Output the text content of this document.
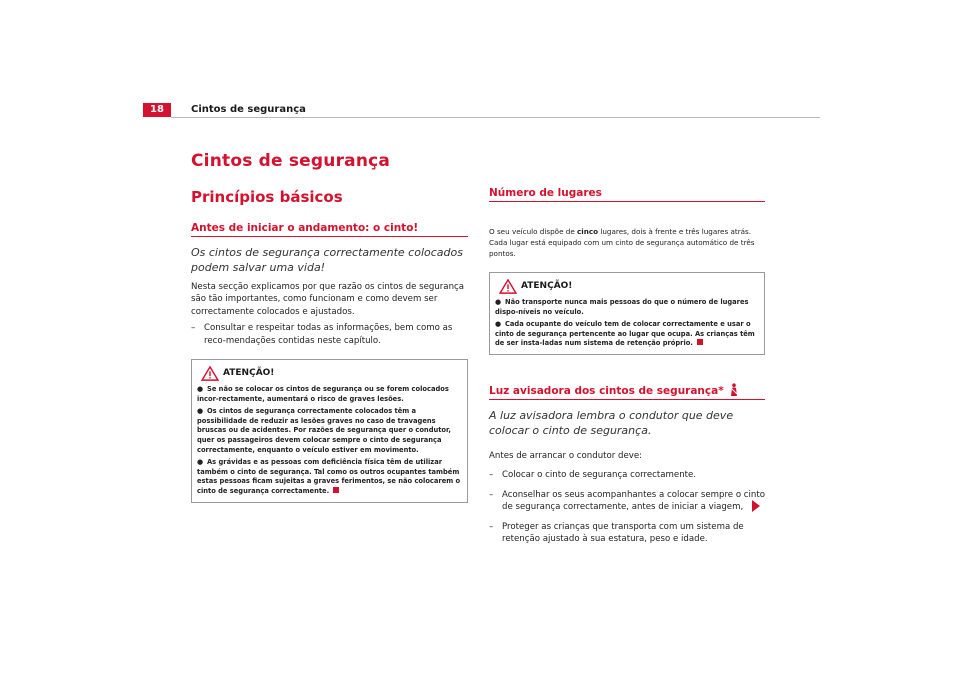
18	Cintos de segurança
Cintos de segurança
Princípios básicos
Antes de iniciar o andamento: o cinto!
Os cintos de segurança correctamente colocados podem salvar uma vida!
Nesta secção explicamos por que razão os cintos de segurança são tão importantes, como funcionam e como devem ser correctamente colocados e ajustados.
– Consultar e respeitar todas as informações, bem como as reco-mendações contidas neste capítulo.
ATENÇÃO!
● Se não se colocar os cintos de segurança ou se forem colocados incor-rectamente, aumentará o risco de graves lesões.
● Os cintos de segurança correctamente colocados têm a possibilidade de reduzir as lesões graves no caso de travagens bruscas ou de acidentes. Por razões de segurança quer o condutor, quer os passageiros devem colocar sempre o cinto de segurança correctamente, enquanto o veículo estiver em movimento.
● As grávidas e as pessoas com deficiência física têm de utilizar também o cinto de segurança. Tal como os outros ocupantes também estas pessoas ficam sujeitas a graves ferimentos, se não colocarem o cinto de segurança correctamente.
Número de lugares
O seu veículo dispõe de cinco lugares, dois à frente e três lugares atrás. Cada lugar está equipado com um cinto de segurança automático de três pontos.
ATENÇÃO!
● Não transporte nunca mais pessoas do que o número de lugares dispo-níveis no veículo.
● Cada ocupante do veículo tem de colocar correctamente e usar o cinto de segurança pertencente ao lugar que ocupa. As crianças têm de ser insta-ladas num sistema de retenção próprio.
Luz avisadora dos cintos de segurança*
A luz avisadora lembra o condutor que deve colocar o cinto de segurança.
Antes de arrancar o condutor deve:
– Colocar o cinto de segurança correctamente.
– Aconselhar os seus acompanhantes a colocar sempre o cinto de segurança correctamente, antes de iniciar a viagem,
– Proteger as crianças que transporta com um sistema de retenção ajustado à sua estatura, peso e idade.
